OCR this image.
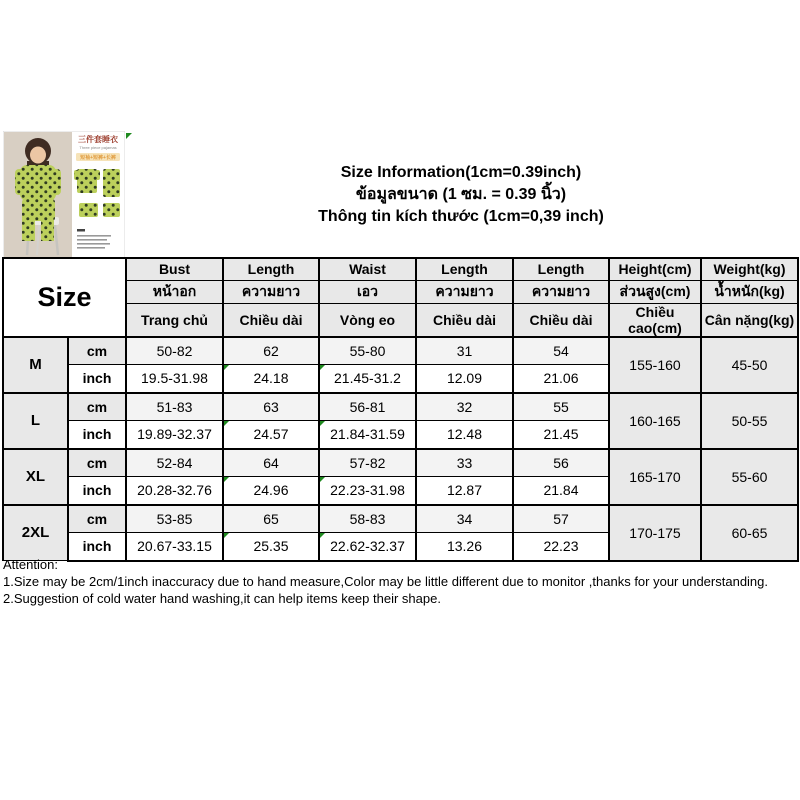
三件套睡衣
Three piece pajamas
短袖+短裤+长裤
Size Information(1cm=0.39inch)
ข้อมูลขนาด (1 ซม. = 0.39 นิ้ว)
Thông tin kích thước (1cm=0,39 inch)
Size		Bust	Length	Waist	Length	Length	Height(cm)	Weight(kg)
		หน้าอก	ความยาว	เอว	ความยาว	ความยาว	ส่วนสูง(cm)	น้ำหนัก(kg)
		Trang chủ	Chiều dài	Vòng eo	Chiều dài	Chiều dài	Chiều cao(cm)	Cân nặng(kg)
M	cm	50-82	62	55-80	31	54	155-160	45-50
	inch	19.5-31.98	24.18	21.45-31.2	12.09	21.06		
L	cm	51-83	63	56-81	32	55	160-165	50-55
	inch	19.89-32.37	24.57	21.84-31.59	12.48	21.45		
XL	cm	52-84	64	57-82	33	56	165-170	55-60
	inch	20.28-32.76	24.96	22.23-31.98	12.87	21.84		
2XL	cm	53-85	65	58-83	34	57	170-175	60-65
	inch	20.67-33.15	25.35	22.62-32.37	13.26	22.23		
Attention:
1.Size may be 2cm/1inch inaccuracy due to hand measure,Color may be little different due to monitor ,thanks for your understanding.
2.Suggestion of cold water hand washing,it can help items keep their shape.
